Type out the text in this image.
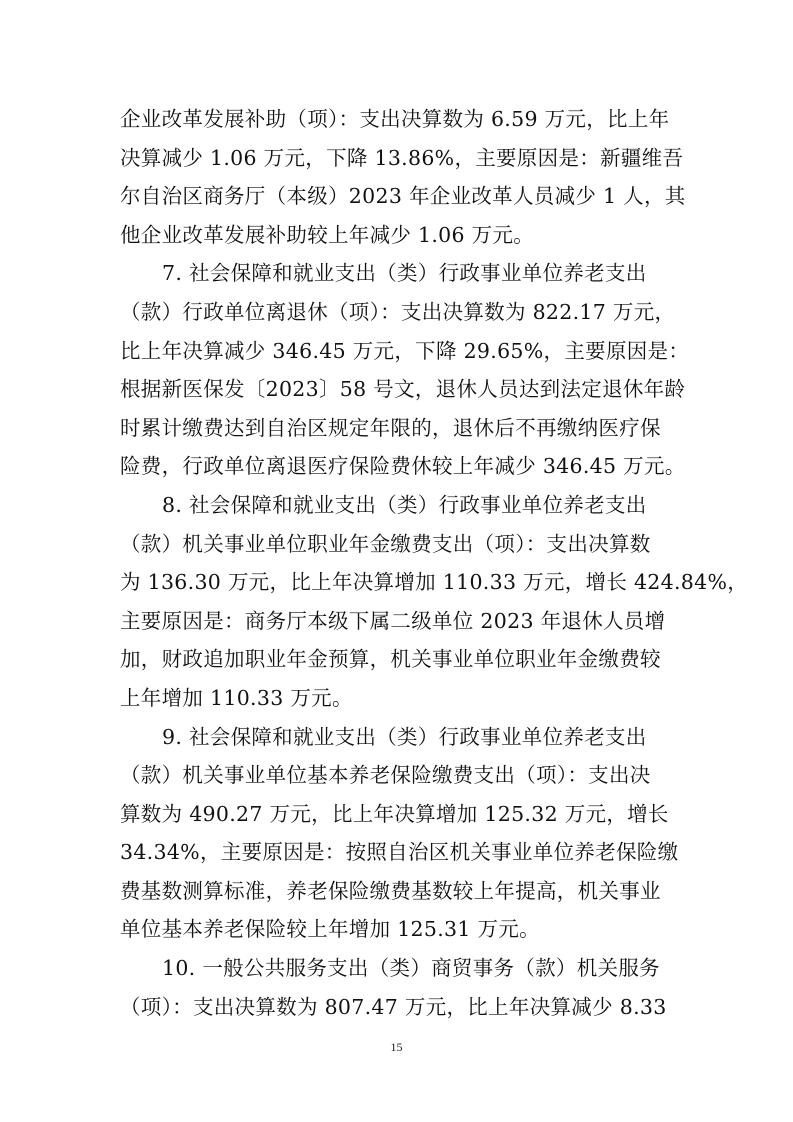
企业改革发展补助（项）：支出决算数为 6.59 万元，比上年
决算减少 1.06 万元，下降 13.86%，主要原因是：新疆维吾
尔自治区商务厅（本级）2023 年企业改革人员减少 1 人，其
他企业改革发展补助较上年减少 1.06 万元。
7. 社会保障和就业支出（类）行政事业单位养老支出
（款）行政单位离退休（项）：支出决算数为 822.17 万元，
比上年决算减少 346.45 万元，下降 29.65%，主要原因是：
根据新医保发〔2023〕58 号文，退休人员达到法定退休年龄
时累计缴费达到自治区规定年限的，退休后不再缴纳医疗保
险费，行政单位离退医疗保险费休较上年减少 346.45 万元。
8. 社会保障和就业支出（类）行政事业单位养老支出
（款）机关事业单位职业年金缴费支出（项）：支出决算数
为 136.30 万元，比上年决算增加 110.33 万元，增长 424.84%，
主要原因是：商务厅本级下属二级单位 2023 年退休人员增
加，财政追加职业年金预算，机关事业单位职业年金缴费较
上年增加 110.33 万元。
9. 社会保障和就业支出（类）行政事业单位养老支出
（款）机关事业单位基本养老保险缴费支出（项）：支出决
算数为 490.27 万元，比上年决算增加 125.32 万元，增长
34.34%，主要原因是：按照自治区机关事业单位养老保险缴
费基数测算标准，养老保险缴费基数较上年提高，机关事业
单位基本养老保险较上年增加 125.31 万元。
10. 一般公共服务支出（类）商贸事务（款）机关服务
（项）：支出决算数为 807.47 万元，比上年决算减少 8.33
15
